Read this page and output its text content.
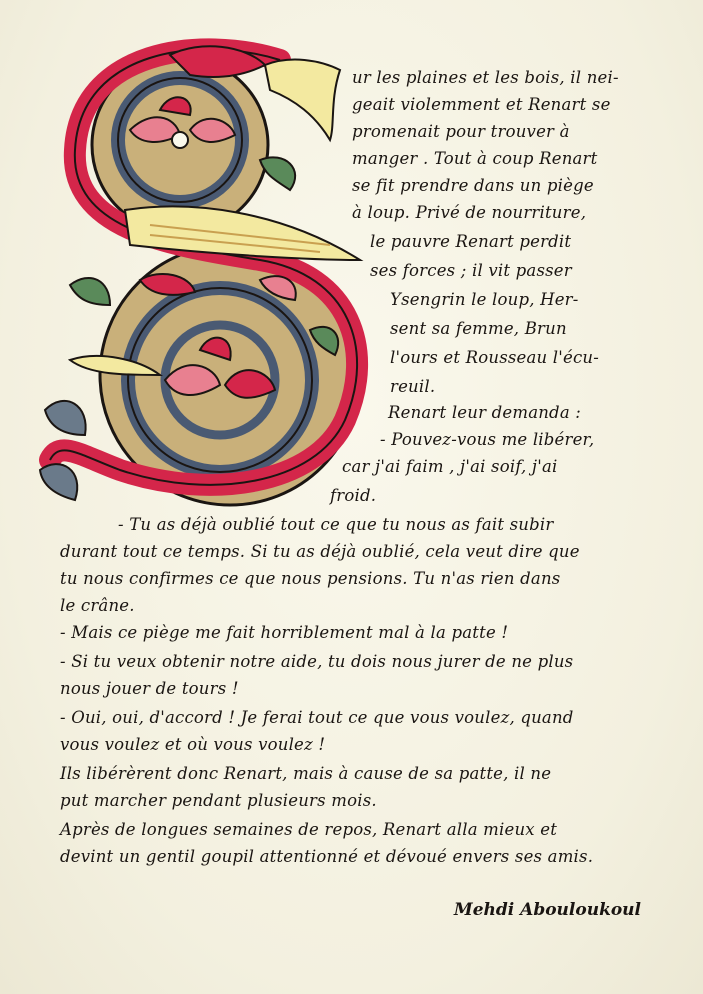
ur les plaines et les bois, il nei-
geait violemment et Renart se
promenait pour trouver à
manger . Tout à coup Renart
se fit prendre dans un piège
à loup. Privé de nourriture,
le pauvre Renart perdit
ses forces ; il vit passer
Ysengrin le loup, Her-
sent sa femme, Brun
l'ours et Rousseau l'écu-
reuil.
Renart leur demanda :
- Pouvez-vous me libérer,
car j'ai faim , j'ai soif, j'ai
froid.
- Tu as déjà oublié tout ce que tu nous as fait subir
durant tout ce temps. Si tu as déjà oublié, cela veut dire que
tu nous confirmes ce que nous pensions. Tu n'as rien dans
le crâne.
- Mais ce piège me fait horriblement mal à la patte !
- Si tu veux obtenir notre aide, tu dois nous jurer de ne plus
nous jouer de tours !
- Oui, oui, d'accord ! Je ferai tout ce que vous voulez, quand
vous voulez et où vous voulez !
Ils libérèrent donc Renart, mais à cause de sa patte, il ne
put marcher pendant plusieurs mois.
Après de longues semaines de repos, Renart alla mieux et
devint un gentil goupil attentionné et dévoué envers ses amis.
Mehdi Abouloukoul
